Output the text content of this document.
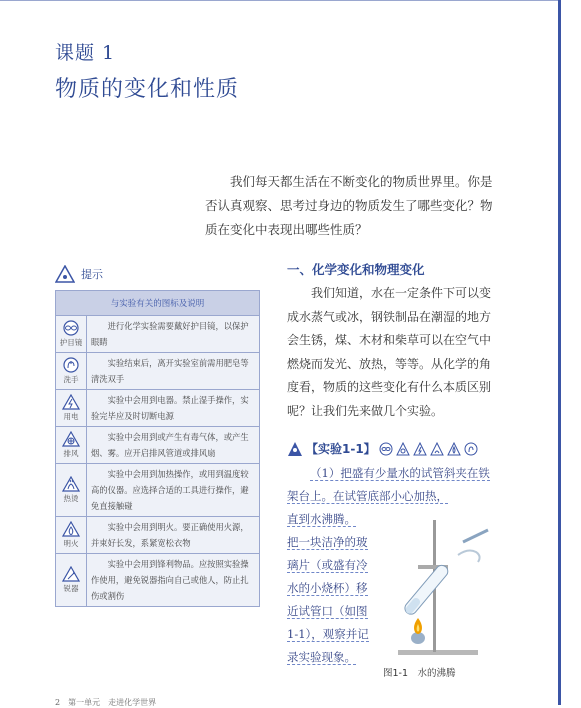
课题 1
物质的变化和性质

我们每天都生活在不断变化的物质世界里。你是否认真观察、思考过身边的物质发生了哪些变化？物质在变化中表现出哪些性质？

提示
与实验有关的图标及说明	

护目镜	进行化学实验需要戴好护目镜，以保护眼睛

洗手	实验结束后，离开实验室前需用肥皂等清洗双手

用电	实验中会用到电器。禁止湿手操作，实验完毕应及时切断电源

排风	实验中会用到或产生有毒气体，或产生烟、雾。应开启排风管道或排风扇

热烫	实验中会用到加热操作，或用到温度较高的仪器。应选择合适的工具进行操作，避免直接触碰

明火	实验中会用到明火。要正确使用火源，并束好长发，系紧宽松衣物

锐器	实验中会用到锋利物品。应按照实验操作使用，避免锐器指向自己或他人，防止扎伤或割伤
一、化学变化和物理变化

我们知道，水在一定条件下可以变成水蒸气或冰，钢铁制品在潮湿的地方会生锈，煤、木材和柴草可以在空气中燃烧而发光、放热，等等。从化学的角度看，物质的这些变化有什么本质区别呢？让我们先来做几个实验。

【实验1-1】

（1）把盛有少量水的试管斜夹在铁架台上。在试管底部小心加热，

直到水沸腾。

把一块洁净的玻璃片（或盛有冷水的小烧杯）移近试管口（如图1-1），观察并记录实验现象。

图1-1　水的沸腾
2　第一单元　走进化学世界
